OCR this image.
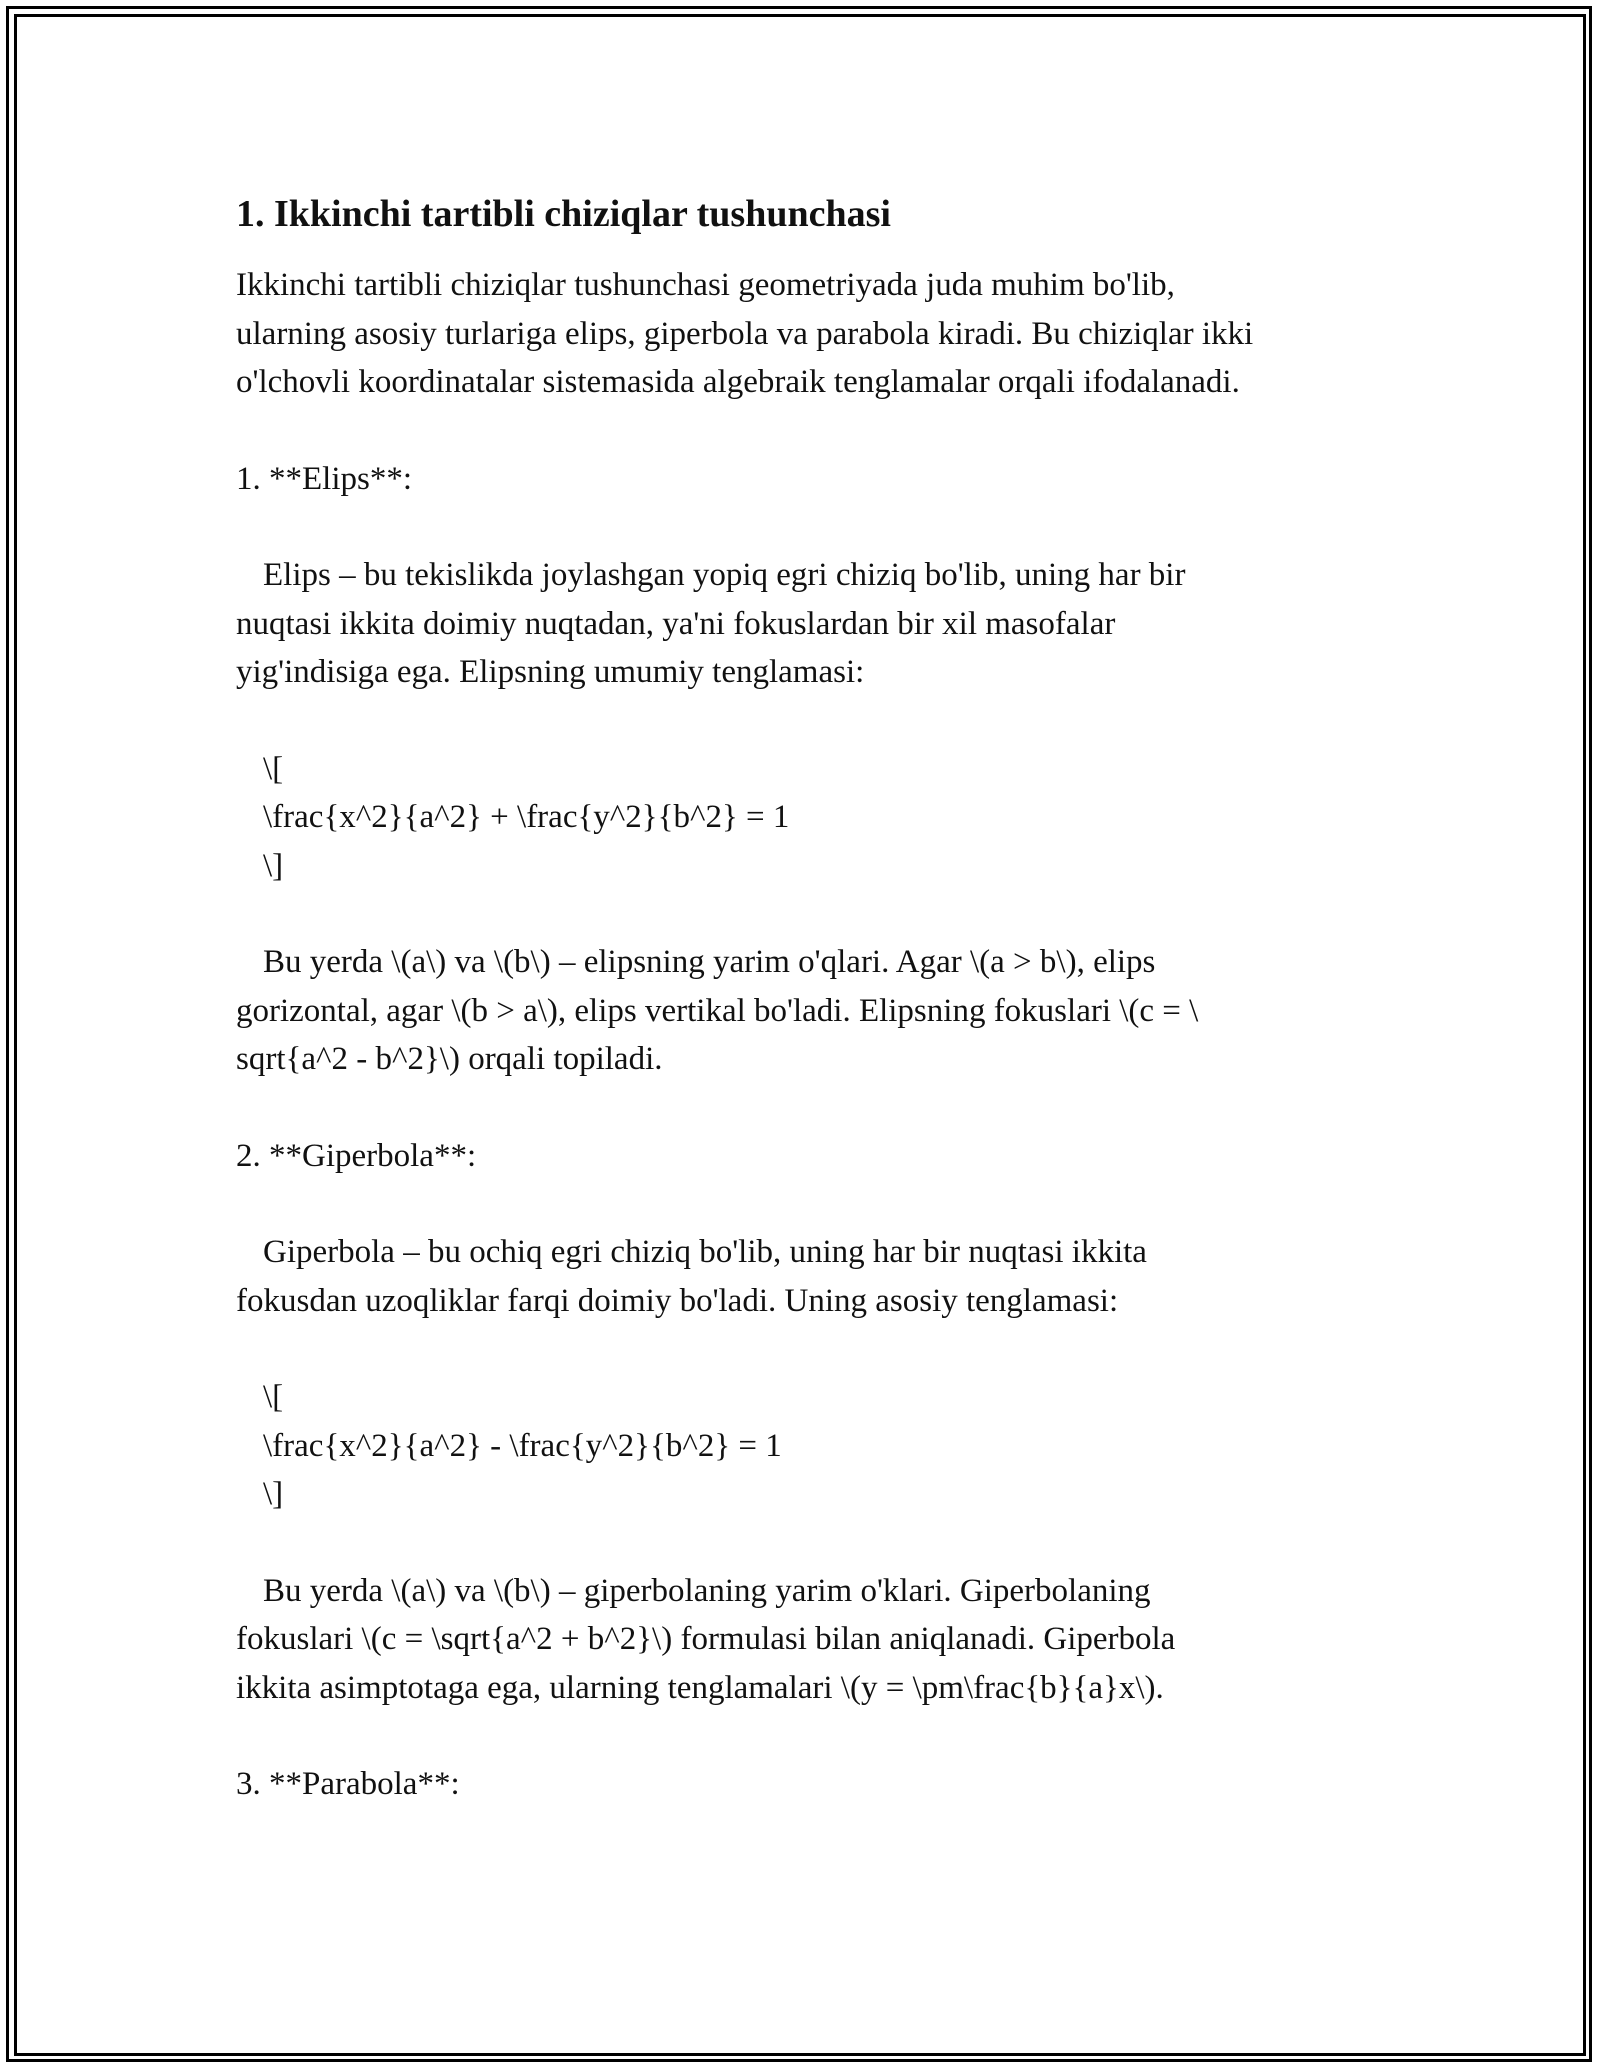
1. Ikkinchi tartibli chiziqlar tushunchasi
Ikkinchi tartibli chiziqlar tushunchasi geometriyada juda muhim bo'lib,
ularning asosiy turlariga elips, giperbola va parabola kiradi. Bu chiziqlar ikki
o'lchovli koordinatalar sistemasida algebraik tenglamalar orqali ifodalanadi.
1. **Elips**:
Elips – bu tekislikda joylashgan yopiq egri chiziq bo'lib, uning har bir
nuqtasi ikkita doimiy nuqtadan, ya'ni fokuslardan bir xil masofalar
yig'indisiga ega. Elipsning umumiy tenglamasi:
\[
\frac{x^2}{a^2} + \frac{y^2}{b^2} = 1
\]
Bu yerda \(a\) va \(b\) – elipsning yarim o'qlari. Agar \(a > b\), elips
gorizontal, agar \(b > a\), elips vertikal bo'ladi. Elipsning fokuslari \(c = \
sqrt{a^2 - b^2}\) orqali topiladi.
2. **Giperbola**:
Giperbola – bu ochiq egri chiziq bo'lib, uning har bir nuqtasi ikkita
fokusdan uzoqliklar farqi doimiy bo'ladi. Uning asosiy tenglamasi:
\[
\frac{x^2}{a^2} - \frac{y^2}{b^2} = 1
\]
Bu yerda \(a\) va \(b\) – giperbolaning yarim o'klari. Giperbolaning
fokuslari \(c = \sqrt{a^2 + b^2}\) formulasi bilan aniqlanadi. Giperbola
ikkita asimptotaga ega, ularning tenglamalari \(y = \pm\frac{b}{a}x\).
3. **Parabola**:
